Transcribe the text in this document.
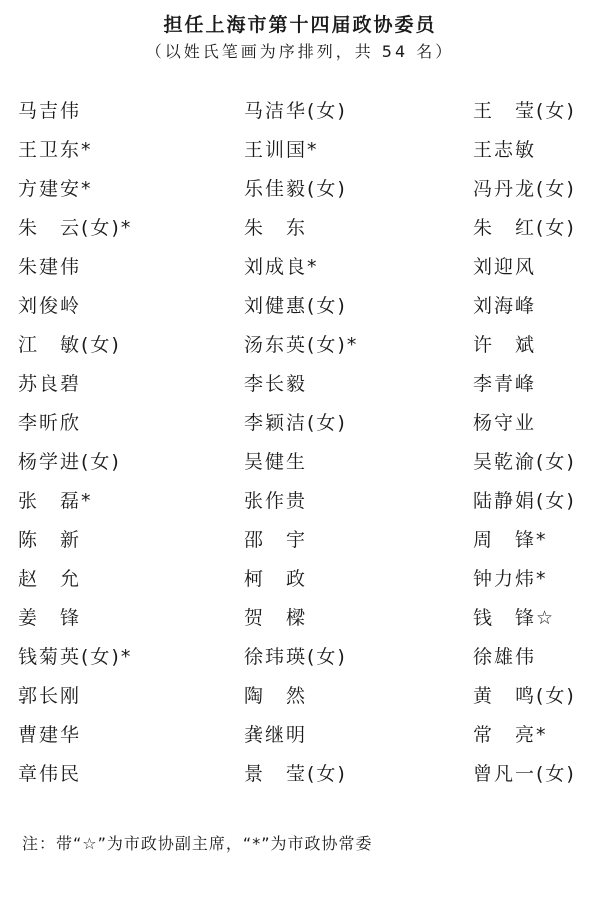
担任上海市第十四届政协委员
（以姓氏笔画为序排列，共 54 名）
马吉伟	马洁华(女)	王　莹(女)
王卫东*	王训国*	王志敏
方建安*	乐佳毅(女)	冯丹龙(女)
朱　云(女)*	朱　东	朱　红(女)
朱建伟	刘成良*	刘迎风
刘俊岭	刘健惠(女)	刘海峰
江　敏(女)	汤东英(女)*	许　斌
苏良碧	李长毅	李青峰
李昕欣	李颖洁(女)	杨守业
杨学进(女)	吴健生	吴乾渝(女)
张　磊*	张作贵	陆静娟(女)
陈　新	邵　宇	周　锋*
赵　允	柯　政	钟力炜*
姜　锋	贺　樑	钱　锋☆
钱菊英(女)*	徐玮瑛(女)	徐雄伟
郭长刚	陶　然	黄　鸣(女)
曹建华	龚继明	常　亮*
章伟民	景　莹(女)	曾凡一(女)
注：带“☆”为市政协副主席，“*”为市政协常委
